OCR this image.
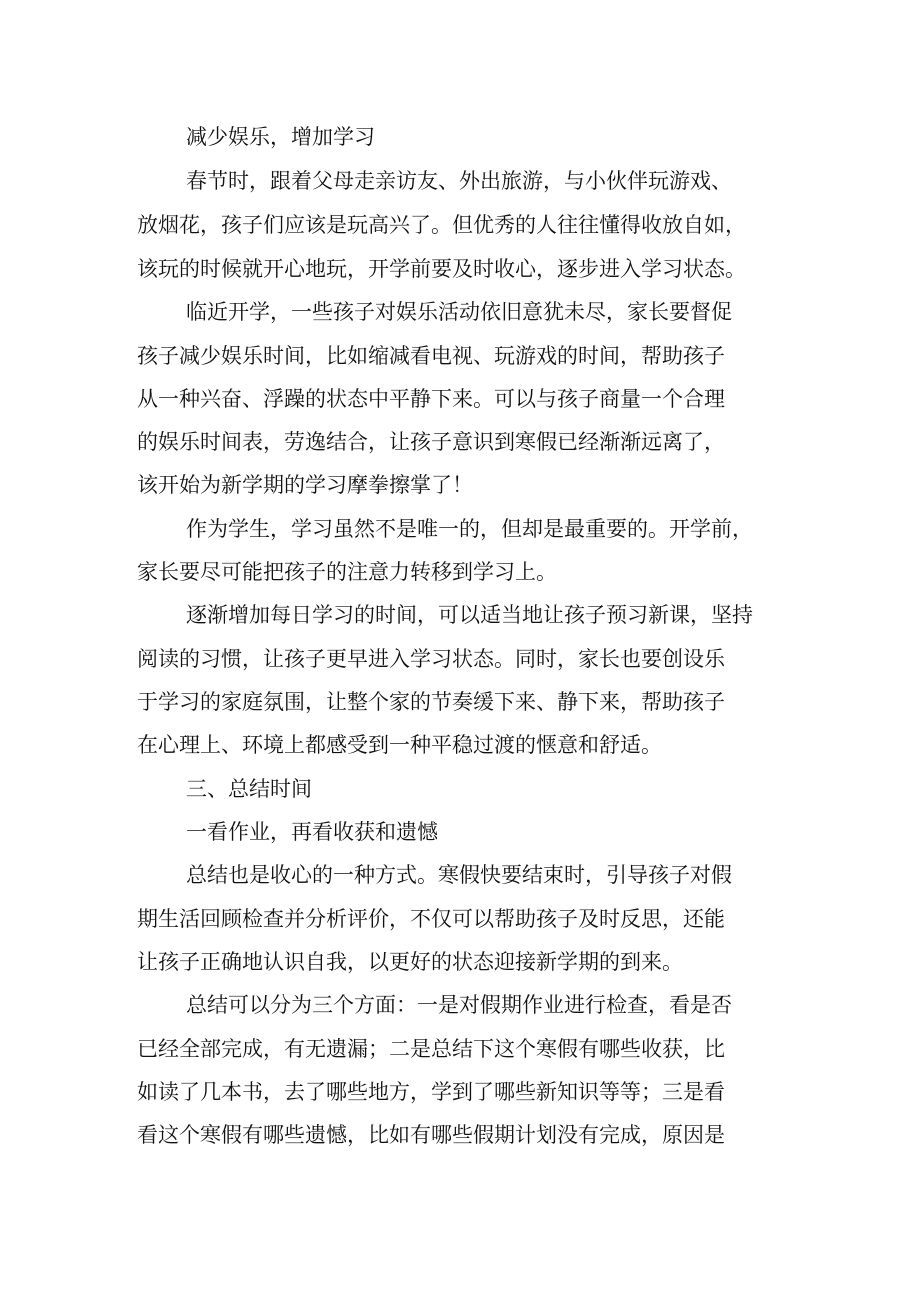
减少娱乐，增加学习
春节时，跟着父母走亲访友、外出旅游，与小伙伴玩游戏、
放烟花，孩子们应该是玩高兴了。但优秀的人往往懂得收放自如，
该玩的时候就开心地玩，开学前要及时收心，逐步进入学习状态。
临近开学，一些孩子对娱乐活动依旧意犹未尽，家长要督促
孩子减少娱乐时间，比如缩减看电视、玩游戏的时间，帮助孩子
从一种兴奋、浮躁的状态中平静下来。可以与孩子商量一个合理
的娱乐时间表，劳逸结合，让孩子意识到寒假已经渐渐远离了，
该开始为新学期的学习摩拳擦掌了！
作为学生，学习虽然不是唯一的，但却是最重要的。开学前，
家长要尽可能把孩子的注意力转移到学习上。
逐渐增加每日学习的时间，可以适当地让孩子预习新课，坚持
阅读的习惯，让孩子更早进入学习状态。同时，家长也要创设乐
于学习的家庭氛围，让整个家的节奏缓下来、静下来，帮助孩子
在心理上、环境上都感受到一种平稳过渡的惬意和舒适。
三、总结时间
一看作业，再看收获和遗憾
总结也是收心的一种方式。寒假快要结束时，引导孩子对假
期生活回顾检查并分析评价，不仅可以帮助孩子及时反思，还能
让孩子正确地认识自我，以更好的状态迎接新学期的到来。
总结可以分为三个方面：一是对假期作业进行检查，看是否
已经全部完成，有无遗漏；二是总结下这个寒假有哪些收获，比
如读了几本书，去了哪些地方，学到了哪些新知识等等；三是看
看这个寒假有哪些遗憾，比如有哪些假期计划没有完成，原因是
